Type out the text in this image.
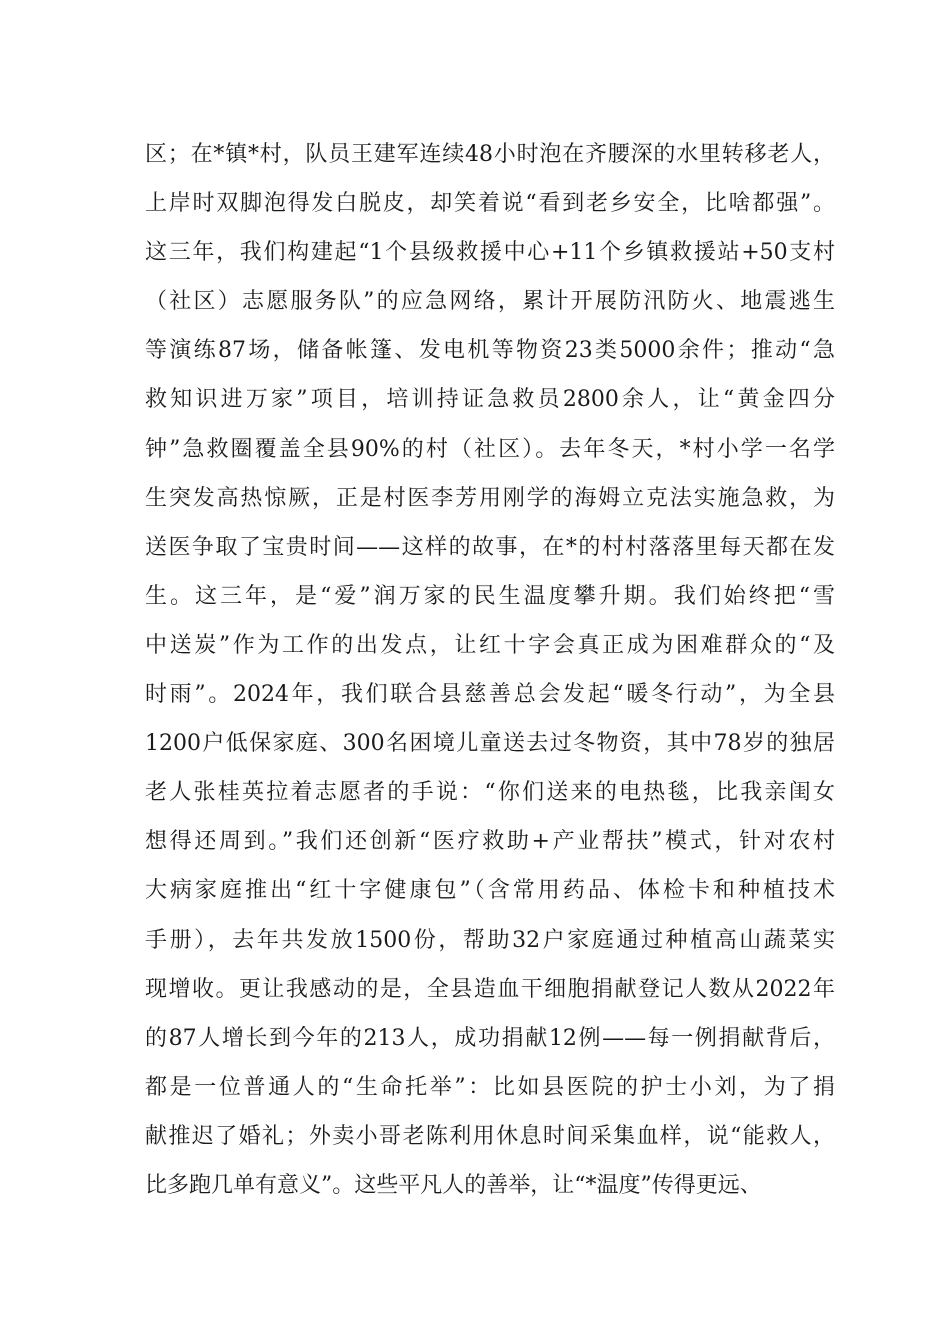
区；在*镇*村，队员王建军连续48小时泡在齐腰深的水里转移老人，
上岸时双脚泡得发白脱皮，却笑着说“看到老乡安全，比啥都强”。
这三年，我们构建起“1个县级救援中心+11个乡镇救援站+50支村
（社区）志愿服务队”的应急网络，累计开展防汛防火、地震逃生
等演练87场，储备帐篷、发电机等物资23类5000余件；推动“急
救知识进万家”项目，培训持证急救员2800余人，让“黄金四分
钟”急救圈覆盖全县90%的村（社区）。去年冬天，*村小学一名学
生突发高热惊厥，正是村医李芳用刚学的海姆立克法实施急救，为
送医争取了宝贵时间——这样的故事，在*的村村落落里每天都在发
生。这三年，是“爱”润万家的民生温度攀升期。我们始终把“雪
中送炭”作为工作的出发点，让红十字会真正成为困难群众的“及
时雨”。2024年，我们联合县慈善总会发起“暖冬行动”，为全县
1200户低保家庭、300名困境儿童送去过冬物资，其中78岁的独居
老人张桂英拉着志愿者的手说：“你们送来的电热毯，比我亲闺女
想得还周到。”我们还创新“医疗救助+产业帮扶”模式，针对农村
大病家庭推出“红十字健康包”（含常用药品、体检卡和种植技术
手册），去年共发放1500份，帮助32户家庭通过种植高山蔬菜实
现增收。更让我感动的是，全县造血干细胞捐献登记人数从2022年
的87人增长到今年的213人，成功捐献12例——每一例捐献背后，
都是一位普通人的“生命托举”：比如县医院的护士小刘，为了捐
献推迟了婚礼；外卖小哥老陈利用休息时间采集血样，说“能救人，
比多跑几单有意义”。这些平凡人的善举，让“*温度”传得更远、
